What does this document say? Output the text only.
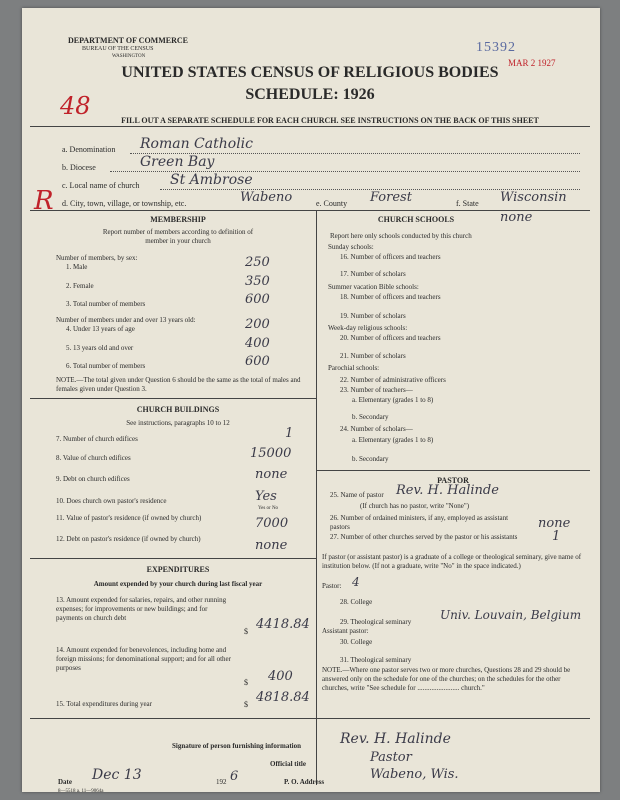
DEPARTMENT OF COMMERCE
BUREAU OF THE CENSUS
WASHINGTON
15392
MAR 2 1927
UNITED STATES CENSUS OF RELIGIOUS BODIES
SCHEDULE: 1926
48
FILL OUT A SEPARATE SCHEDULE FOR EACH CHURCH. SEE INSTRUCTIONS ON THE BACK OF THIS SHEET
a. Denomination Roman Catholic
b. Diocese	Green Bay
c. Local name of church St Ambrose
R d. City, town, village, or township, etc.	Wabeno	e. County Forest	f. State Wisconsin
MEMBERSHIP
Report number of members according to definition of
member in your church
Number of members, by sex:
1. Male	250
2. Female	350
3. Total number of members	600
Number of members under and over 13 years old:
4. Under 13 years of age	200
5. 13 years old and over	400
6. Total number of members	600
NOTE.—The total given under Question 6 should be the same as the total of males and females given under Question 3.
CHURCH BUILDINGS
See instructions, paragraphs 10 to 12
7. Number of church edifices	1
8. Value of church edifices	15000
9. Debt on church edifices	none
10. Does church own pastor's residence	Yes
Yes or No
11. Value of pastor's residence (if owned by church)	7000
12. Debt on pastor's residence (if owned by church)	none
EXPENDITURES
Amount expended by your church during last fiscal year
13. Amount expended for salaries, repairs, and other running expenses; for improvements or new buildings; and for payments on church debt
$ 4418.84
14. Amount expended for benevolences, including home and foreign missions; for denominational support; and for all other purposes
$ 400
15. Total expenditures during year	$ 4818.84
CHURCH SCHOOLS	none
Report here only schools conducted by this church
Sunday schools:
16. Number of officers and teachers
17. Number of scholars
Summer vacation Bible schools:
18. Number of officers and teachers
19. Number of scholars
Week-day religious schools:
20. Number of officers and teachers
21. Number of scholars
Parochial schools:
22. Number of administrative officers
23. Number of teachers—
a. Elementary (grades 1 to 8)
b. Secondary
24. Number of scholars—
a. Elementary (grades 1 to 8)
b. Secondary
PASTOR
25. Name of pastor Rev. H. Halinde
(If church has no pastor, write "None")
26. Number of ordained ministers, if any, employed as assistant pastors	none
27. Number of other churches served by the pastor or his assistants	1
If pastor (or assistant pastor) is a graduate of a college or theological seminary, give name of institution below. (If not a graduate, write "No" in the space indicated.)
Pastor: 4
28. College
29. Theological seminary Univ. Louvain, Belgium
Assistant pastor:
30. College
31. Theological seminary
NOTE.—Where one pastor serves two or more churches, Questions 28 and 29 should be answered only on the schedule for one of the churches; on the schedules for the other churches, write "See schedule for ........................ church."
Signature of person furnishing information	Rev. H. Halinde
Official title	Pastor
Date Dec 13	192 6	P. O. Address	Wabeno, Wis.
8—5518 a. 11—9064a
